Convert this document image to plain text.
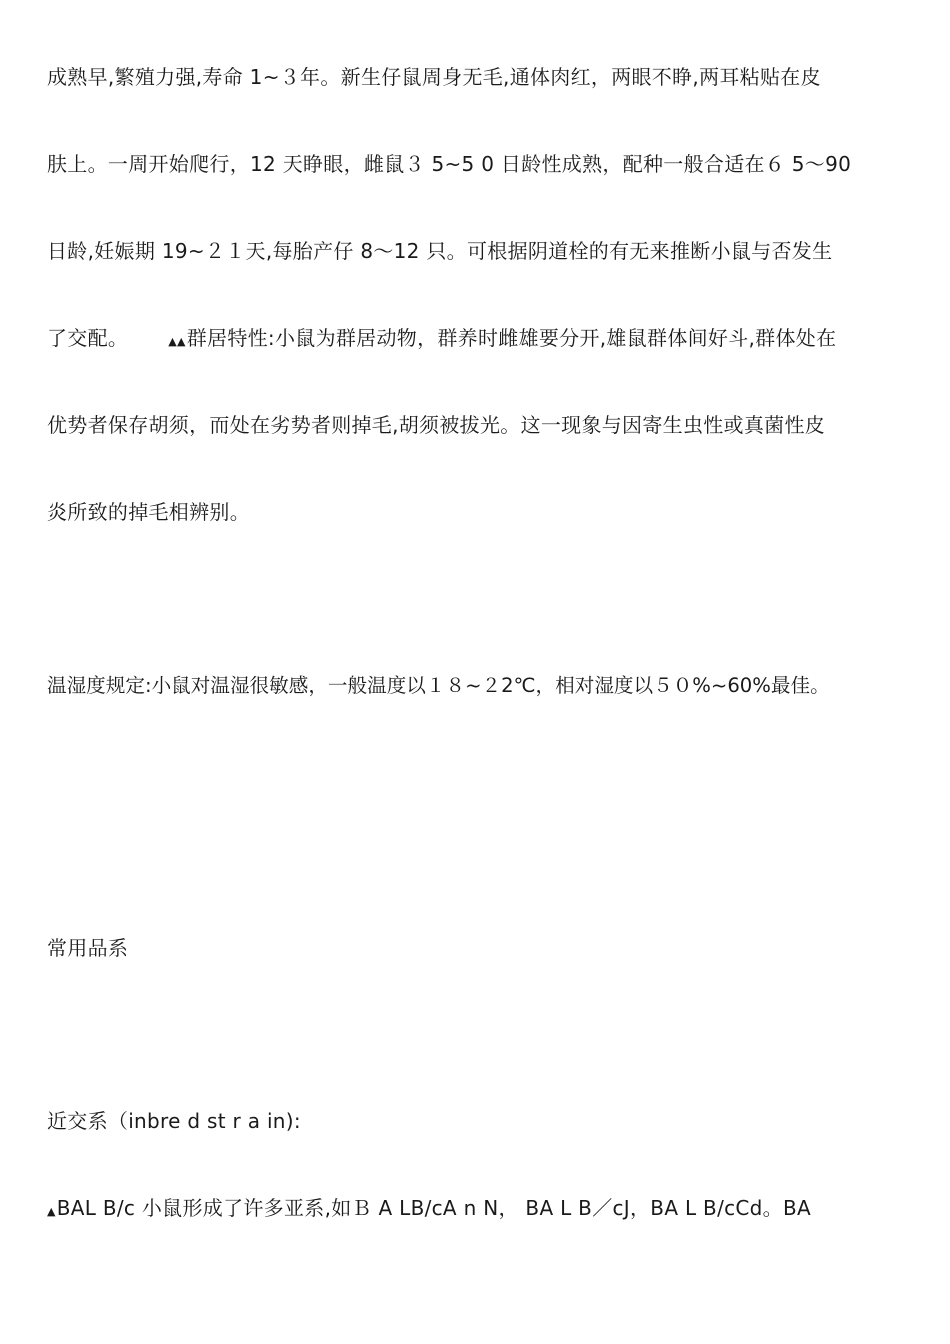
成熟早,繁殖力强,寿命 1~３年。新生仔鼠周身无毛,通体肉红，两眼不睁,两耳粘贴在皮
肤上。一周开始爬行，12 天睁眼，雌鼠３ 5~5 0 日龄性成熟，配种一般合适在６ 5～90
日龄,妊娠期 19~２１天,每胎产仔 8～12 只。可根据阴道栓的有无来推断小鼠与否发生
了交配。	▲▲群居特性:小鼠为群居动物，群养时雌雄要分开,雄鼠群体间好斗,群体处在
优势者保存胡须，而处在劣势者则掉毛,胡须被拔光。这一现象与因寄生虫性或真菌性皮
炎所致的掉毛相辨别。
温湿度规定:小鼠对温湿很敏感，一般温度以１８~２2℃，相对湿度以５０%~60%最佳。
常用品系
近交系（inbre d st r a in):
▲BAL B/c 小鼠形成了许多亚系,如Ｂ A LB/cA n N， BA L B／cJ，BA L B/cCd。BA
